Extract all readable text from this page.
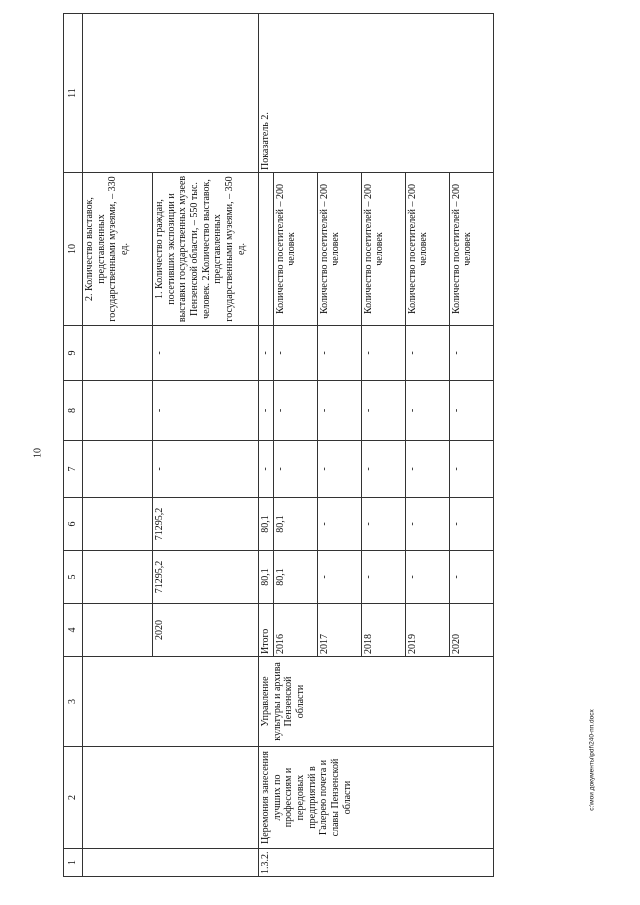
10
1	2	3	4	5	6	7	8	9	10	11
									2. Количество выставок, представленных государственными музеями, – 330 ед.	
			2020	71295,2	71295,2	-	-	-	1. Количество граждан, посетивших экспозиции и выставки государственных музеев Пензенской области, – 550 тыс. человек. 2.Количество выставок, представленных государственными музеями, – 350 ед.	
1.3.2.	Церемония занесения лучших по профессиям и передовых предприятий в Галерею почета и славы Пензенской области	Управление культуры и архива Пензенской области	Итого	80,1	80,1	-	-	-		Показатель 2.
			2016	80,1	80,1	-	-	-	Количество посетителей – 200 человек	
			2017	-	-	-	-	-	Количество посетителей – 200 человек	
			2018	-	-	-	-	-	Количество посетителей – 200 человек	
			2019	-	-	-	-	-	Количество посетителей – 200 человек	
			2020	-	-	-	-	-	Количество посетителей – 200 человек	
c:\мои документы\pdf\240-пп.docx
